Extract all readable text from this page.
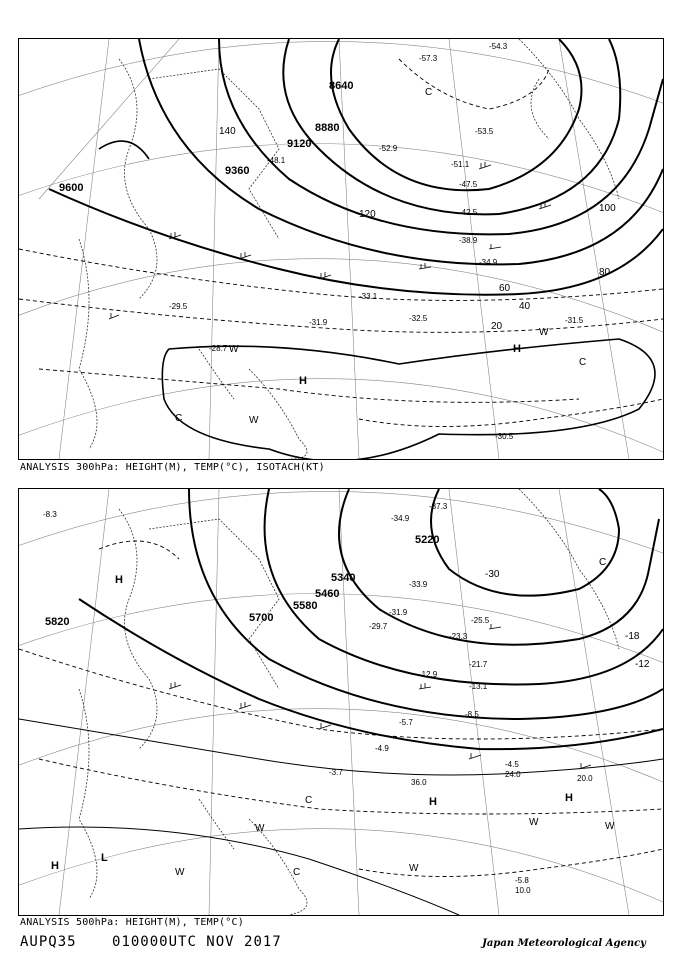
8640
8880
9120
9360
9600
20
40
60
80
100
120
140
H
H
C
C
C
W
W
W
-54.3
-57.3
-53.5
-52.9
-51.1
-48.1
-47.5
-42.5
-38.9
-34.9
-33.1
-31.9
-29.5
-28.7
-30.5
-31.5
-32.5
ANALYSIS 300hPa: HEIGHT(M), TEMP(°C), ISOTACH(KT)
5220
5340
5460
5580
5700
5820
-30
-18
-12
H
H	H
H
L
C
C
C
W
W	W
W	W
-37.3
-34.9
-33.9
-31.9
-29.7
-25.5
-23.3
-21.7
-13.1
-12.9
-8.5
-5.7
-4.9
-4.5
-3.7
-5.8
-8.3
10.0
24.0	20.0
36.0
ANALYSIS 500hPa: HEIGHT(M), TEMP(°C)
AUPQ35	010000UTC NOV 2017	Japan Meteorological Agency
